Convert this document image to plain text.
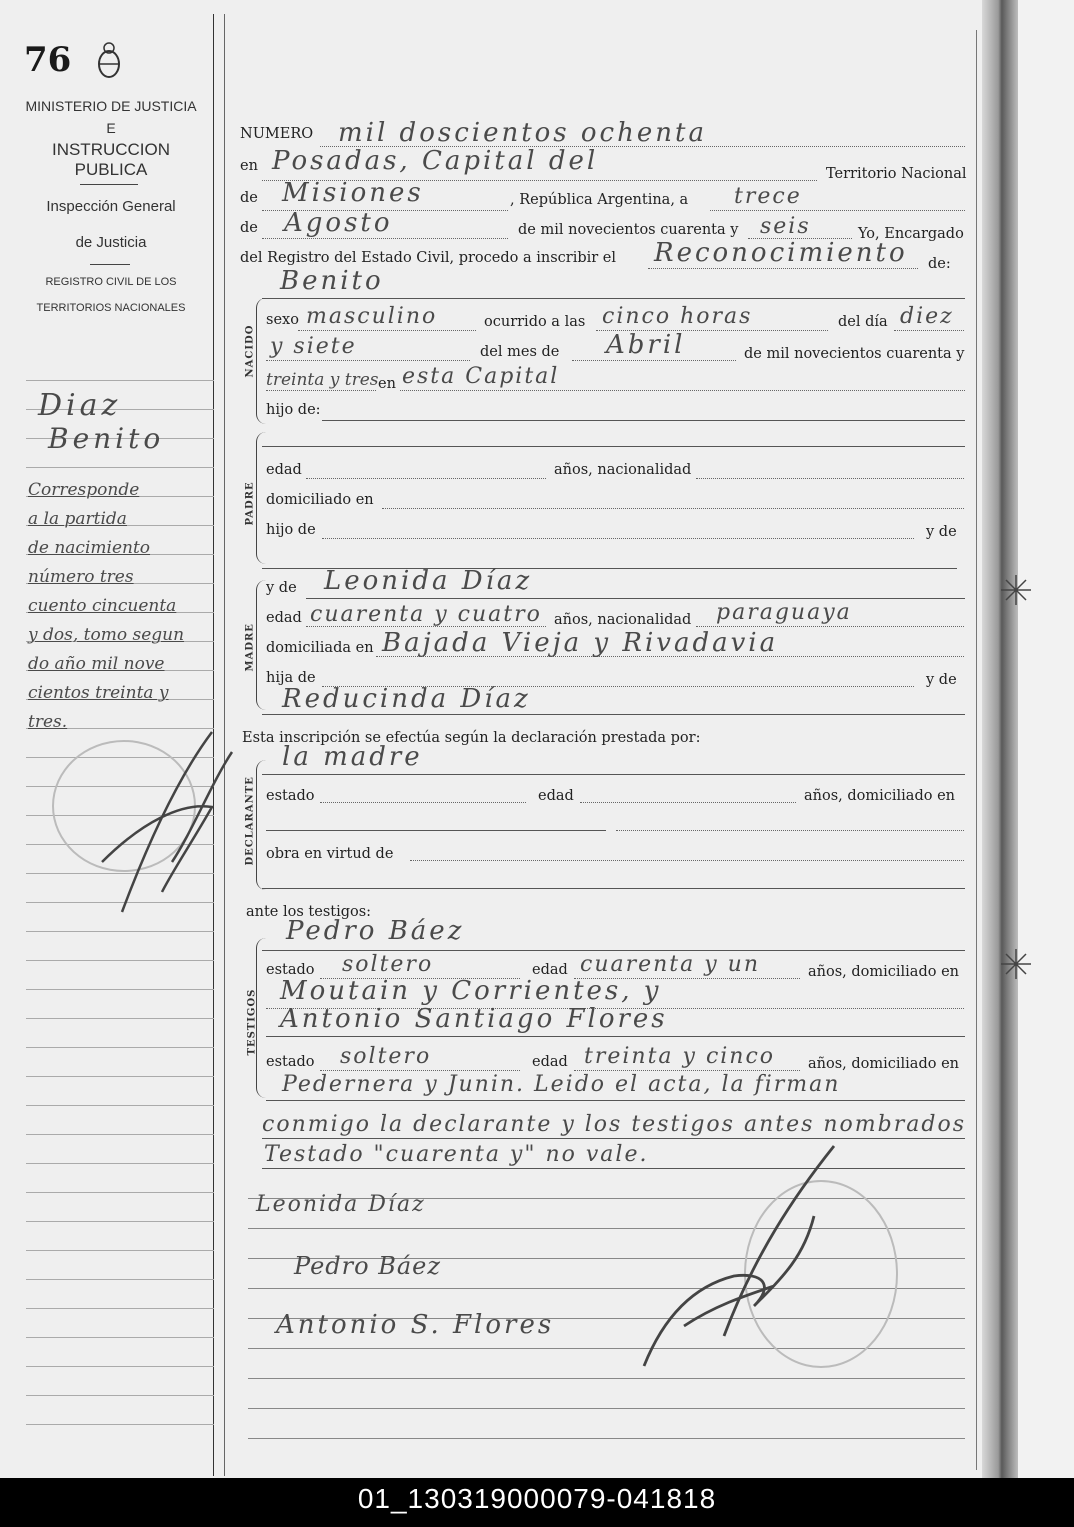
76
MINISTERIO DE JUSTICIA
E
INSTRUCCION PUBLICA
Inspección General
de Justicia
REGISTRO CIVIL DE LOS
TERRITORIOS NACIONALES
Diaz
Benito
Corresponde
a la partida
de nacimiento
número tres
cuento cincuenta
y dos, tomo segun
do año mil nove
cientos treinta y
tres.
NUMERO mil doscientos ochenta
en Posadas, Capital del	Territorio Nacional
de Misiones	, República Argentina, a trece
de Agosto	de mil novecientos cuarenta y seis	Yo, Encargado
del Registro del Estado Civil, procedo a inscribir el Reconocimiento de:
Benito
NACIDO
sexo masculino	ocurrido a las cinco horas	del día diez
y siete	del mes de Abril	de mil novecientos cuarenta y
treinta y tres en esta Capital
hijo de:
PADRE
edad	años, nacionalidad
domiciliado en
hijo de	y de
MADRE
y de Leonida Díaz
edad cuarenta y cuatro años, nacionalidad paraguaya
domiciliada en Bajada Vieja y Rivadavia
hija de	y de
Reducinda Díaz
Esta inscripción se efectúa según la declaración prestada por:
la madre
DECLARANTE estado	edad	años, domiciliado en
obra en virtud de
ante los testigos:
Pedro Báez
TESTIGOS
estado soltero	edad cuarenta y un	años, domiciliado en
Moutain y Corrientes, y
Antonio Santiago Flores
estado soltero	edad treinta y cinco años, domiciliado en
Pedernera y Junin. Leido el acta, la firman
conmigo la declarante y los testigos antes nombrados
Testado "cuarenta y" no vale.
Leonida Díaz
Pedro Báez
Antonio S. Flores
01_130319000079-041818
